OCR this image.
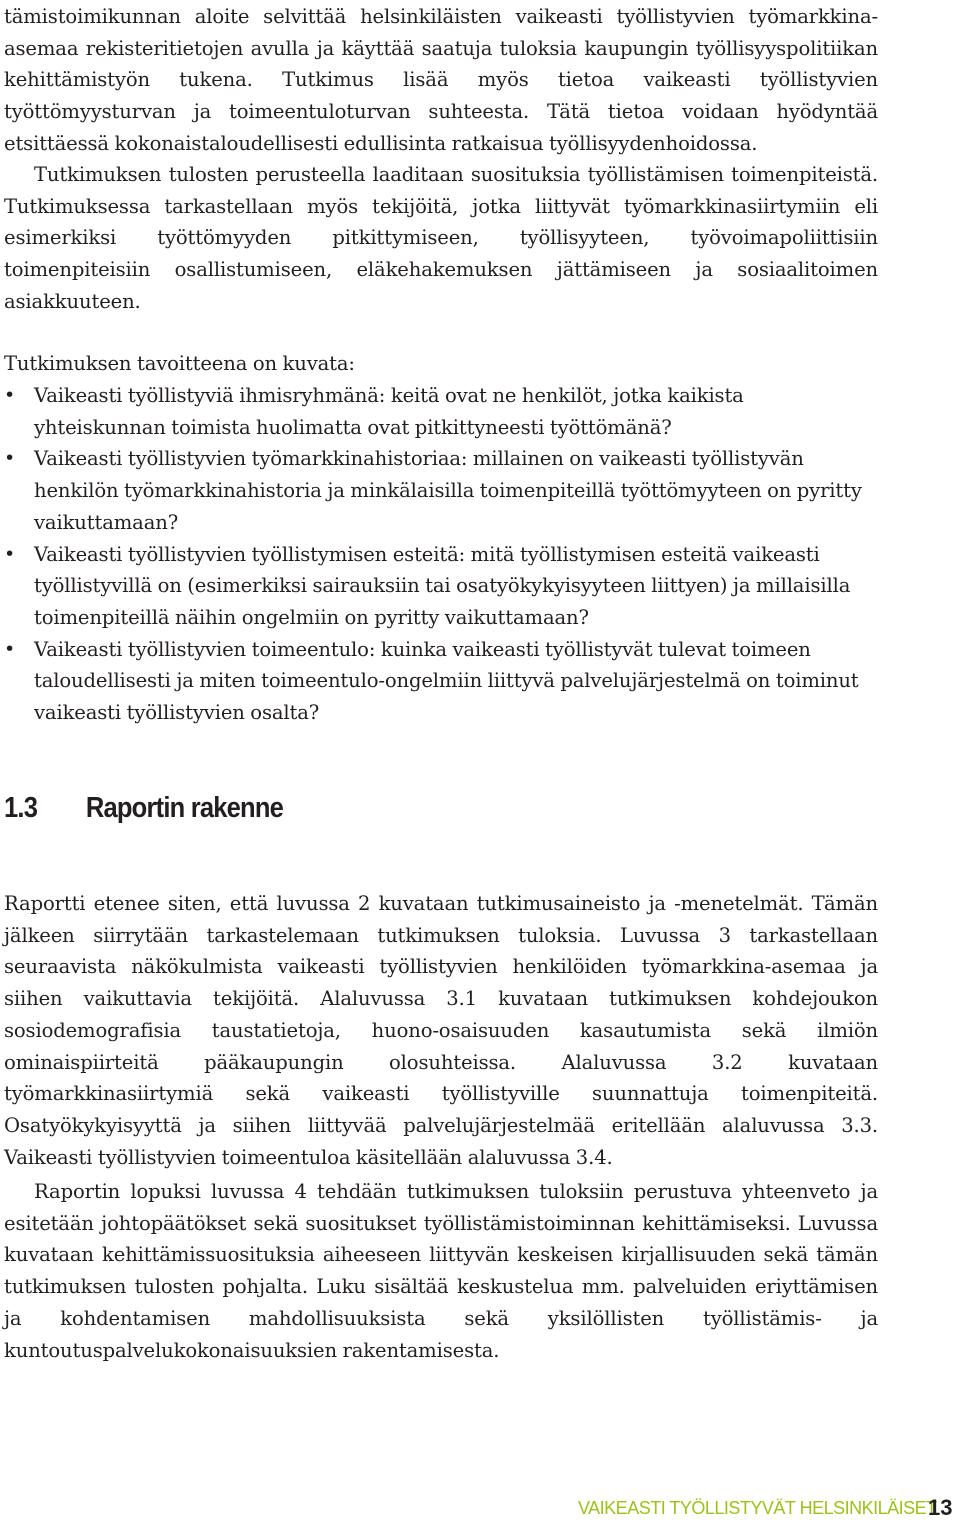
tämistoimikunnan aloite selvittää helsinkiläisten vaikeasti työllistyvien työmarkkina-asemaa rekisteritietojen avulla ja käyttää saatuja tuloksia kaupungin työllisyyspolitiikan kehittämistyön tukena. Tutkimus lisää myös tietoa vaikeasti työllistyvien työttömyysturvan ja toimeentuloturvan suhteesta. Tätä tietoa voidaan hyödyntää etsittäessä kokonaistaloudellisesti edullisinta ratkaisua työllisyydenhoidossa.

Tutkimuksen tulosten perusteella laaditaan suosituksia työllistämisen toimenpiteistä. Tutkimuksessa tarkastellaan myös tekijöitä, jotka liittyvät työmarkkinasiirtymiin eli esimerkiksi työttömyyden pitkittymiseen, työllisyyteen, työvoimapoliittisiin toimenpiteisiin osallistumiseen, eläkehakemuksen jättämiseen ja sosiaalitoimen asiakkuuteen.

Tutkimuksen tavoitteena on kuvata:

• Vaikeasti työllistyviä ihmisryhmänä: keitä ovat ne henkilöt, jotka kaikista yhteiskunnan toimista huolimatta ovat pitkittyneesti työttömänä?
• Vaikeasti työllistyvien työmarkkinahistoriaa: millainen on vaikeasti työllistyvän henkilön työmarkkinahistoria ja minkälaisilla toimenpiteillä työttömyyteen on pyritty vaikuttamaan?
• Vaikeasti työllistyvien työllistymisen esteitä: mitä työllistymisen esteitä vaikeasti työllistyvillä on (esimerkiksi sairauksiin tai osatyökykyisyyteen liittyen) ja millaisilla toimenpiteillä näihin ongelmiin on pyritty vaikuttamaan?
• Vaikeasti työllistyvien toimeentulo: kuinka vaikeasti työllistyvät tulevat toimeen taloudellisesti ja miten toimeentulo-ongelmiin liittyvä palvelujärjestelmä on toiminut vaikeasti työllistyvien osalta?
1.3 Raportin rakenne

Raportti etenee siten, että luvussa 2 kuvataan tutkimusaineisto ja -menetelmät. Tämän jälkeen siirrytään tarkastelemaan tutkimuksen tuloksia. Luvussa 3 tarkastellaan seuraavista näkökulmista vaikeasti työllistyvien henkilöiden työmarkkina-asemaa ja siihen vaikuttavia tekijöitä. Alaluvussa 3.1 kuvataan tutkimuksen kohdejoukon sosiodemografisia taustatietoja, huono-osaisuuden kasautumista sekä ilmiön ominaispiirteitä pääkaupungin olosuhteissa. Alaluvussa 3.2 kuvataan työmarkkinasiirtymiä sekä vaikeasti työllistyville suunnattuja toimenpiteitä. Osatyökykyisyyttä ja siihen liittyvää palvelujärjestelmää eritellään alaluvussa 3.3. Vaikeasti työllistyvien toimeentuloa käsitellään alaluvussa 3.4.

Raportin lopuksi luvussa 4 tehdään tutkimuksen tuloksiin perustuva yhteenveto ja esitetään johtopäätökset sekä suositukset työllistämistoiminnan kehittämiseksi. Luvussa kuvataan kehittämissuosituksia aiheeseen liittyvän keskeisen kirjallisuuden sekä tämän tutkimuksen tulosten pohjalta. Luku sisältää keskustelua mm. palveluiden eriyttämisen ja kohdentamisen mahdollisuuksista sekä yksilöllisten työllistämis- ja kuntoutuspalvelukokonaisuuksien rakentamisesta.

VAIKEASTI TYÖLLISTYVÄT HELSINKILÄISET
13
